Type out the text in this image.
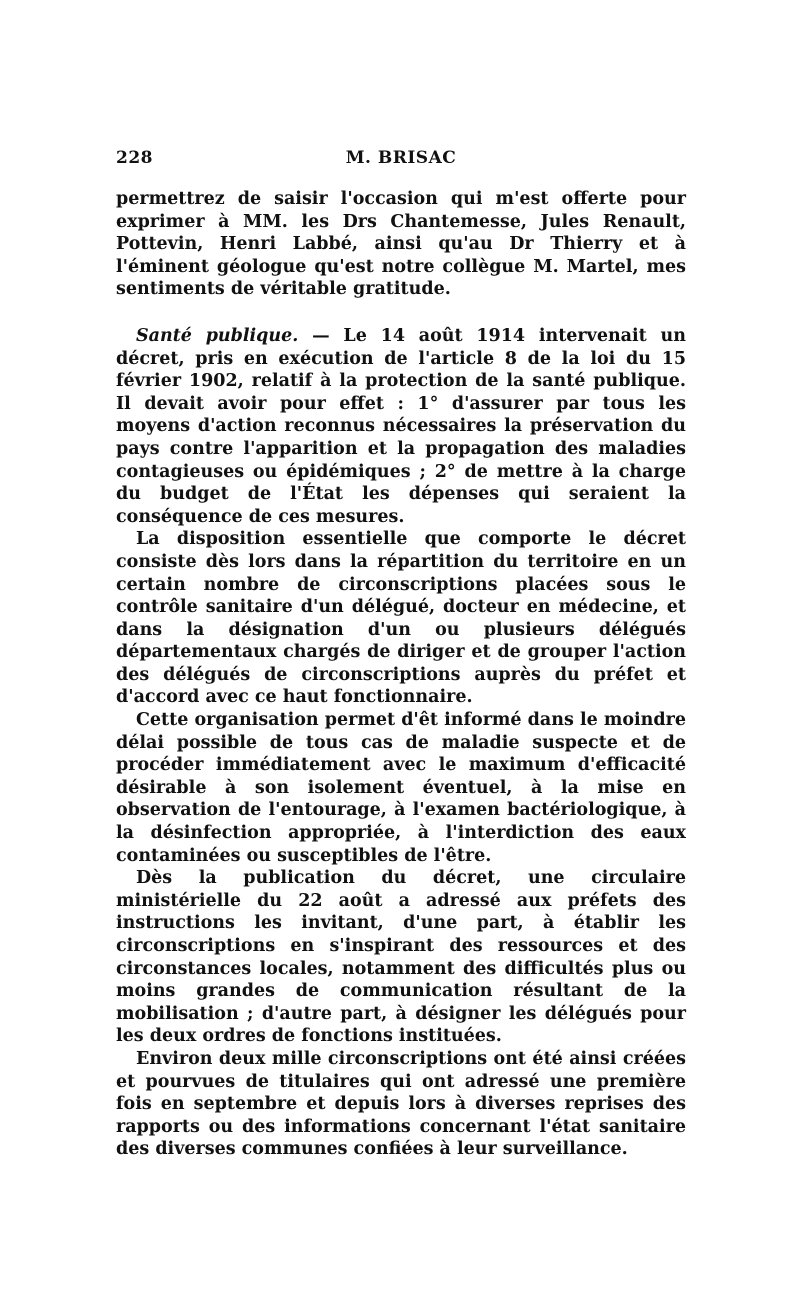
228	M. BRISAC

permettrez de saisir l'occasion qui m'est offerte pour exprimer à MM. les Drs Chantemesse, Jules Renault, Pottevin, Henri Labbé, ainsi qu'au Dr Thierry et à l'éminent géologue qu'est notre collègue M. Martel, mes sentiments de véritable gratitude.

Santé publique. — Le 14 août 1914 intervenait un décret, pris en exécution de l'article 8 de la loi du 15 février 1902, relatif à la protection de la santé publique. Il devait avoir pour effet : 1° d'assurer par tous les moyens d'action reconnus nécessaires la préservation du pays contre l'apparition et la propagation des maladies contagieuses ou épidémiques ; 2° de mettre à la charge du budget de l'État les dépenses qui seraient la conséquence de ces mesures.

La disposition essentielle que comporte le décret consiste dès lors dans la répartition du territoire en un certain nombre de circonscriptions placées sous le contrôle sanitaire d'un délégué, docteur en médecine, et dans la désignation d'un ou plusieurs délégués départementaux chargés de diriger et de grouper l'action des délégués de circonscriptions auprès du préfet et d'accord avec ce haut fonctionnaire.

Cette organisation permet d'êt informé dans le moindre délai possible de tous cas de maladie suspecte et de procéder immédiatement avec le maximum d'efficacité désirable à son isolement éventuel, à la mise en observation de l'entourage, à l'examen bactériologique, à la désinfection appropriée, à l'interdiction des eaux contaminées ou susceptibles de l'être.

Dès la publication du décret, une circulaire ministérielle du 22 août a adressé aux préfets des instructions les invitant, d'une part, à établir les circonscriptions en s'inspirant des ressources et des circonstances locales, notamment des difficultés plus ou moins grandes de communication résultant de la mobilisation ; d'autre part, à désigner les délégués pour les deux ordres de fonctions instituées.

Environ deux mille circonscriptions ont été ainsi créées et pourvues de titulaires qui ont adressé une première fois en septembre et depuis lors à diverses reprises des rapports ou des informations concernant l'état sanitaire des diverses communes confiées à leur surveillance.
